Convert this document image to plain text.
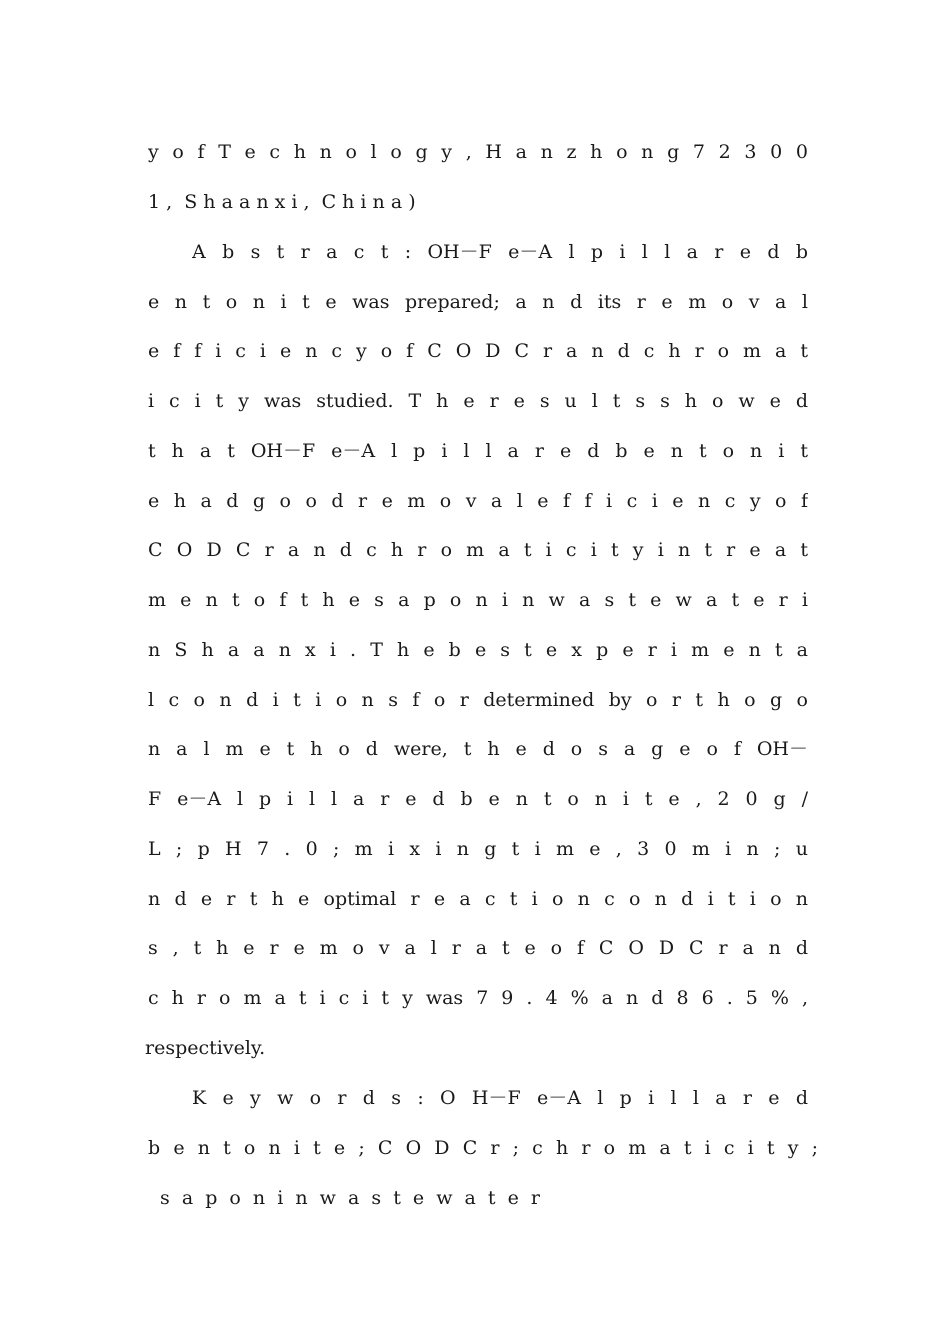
y o f T e c h n o l o g y , H a n z h o n g 7 2 3 0 0
1 ,  S h a a n x i ,  C h i n a )
A b s t r a c t : OH－F e－A l p i l l a r e d b
e n t o n i t e was prepared; a n d its r e m o v a l
e f f i c i e n c y o f C O D C r a n d c h r o m a t
i c i t y was studied. T h e r e s u l t s s h o w e d
t h a t OH－F e－A l p i l l a r e d b e n t o n i t
e h a d g o o d r e m o v a l e f f i c i e n c y o f
C O D C r a n d c h r o m a t i c i t y i n t r e a t
m e n t o f t h e s a p o n i n w a s t e w a t e r i
n S h a a n x i . T h e b e s t e x p e r i m e n t a
l c o n d i t i o n s f o r determined by o r t h o g o
n a l m e t h o d were, t h e d o s a g e o f OH－
F e－A l p i l l a r e d b e n t o n i t e , 2 0 g /
L ; p H 7 . 0 ; m i x i n g t i m e , 3 0 m i n ; u
n d e r t h e optimal r e a c t i o n c o n d i t i o n
s , t h e r e m o v a l r a t e o f C O D C r a n d
c h r o m a t i c i t y was 7 9 . 4 % a n d 8 6 . 5 % ,
respectively.
K e y w o r d s : O H－F e－A l p i l l a r e d
b e n t o n i t e ; C O D C r ; c h r o m a t i c i t y ;
s a p o n i n w a s t e w a t e r
